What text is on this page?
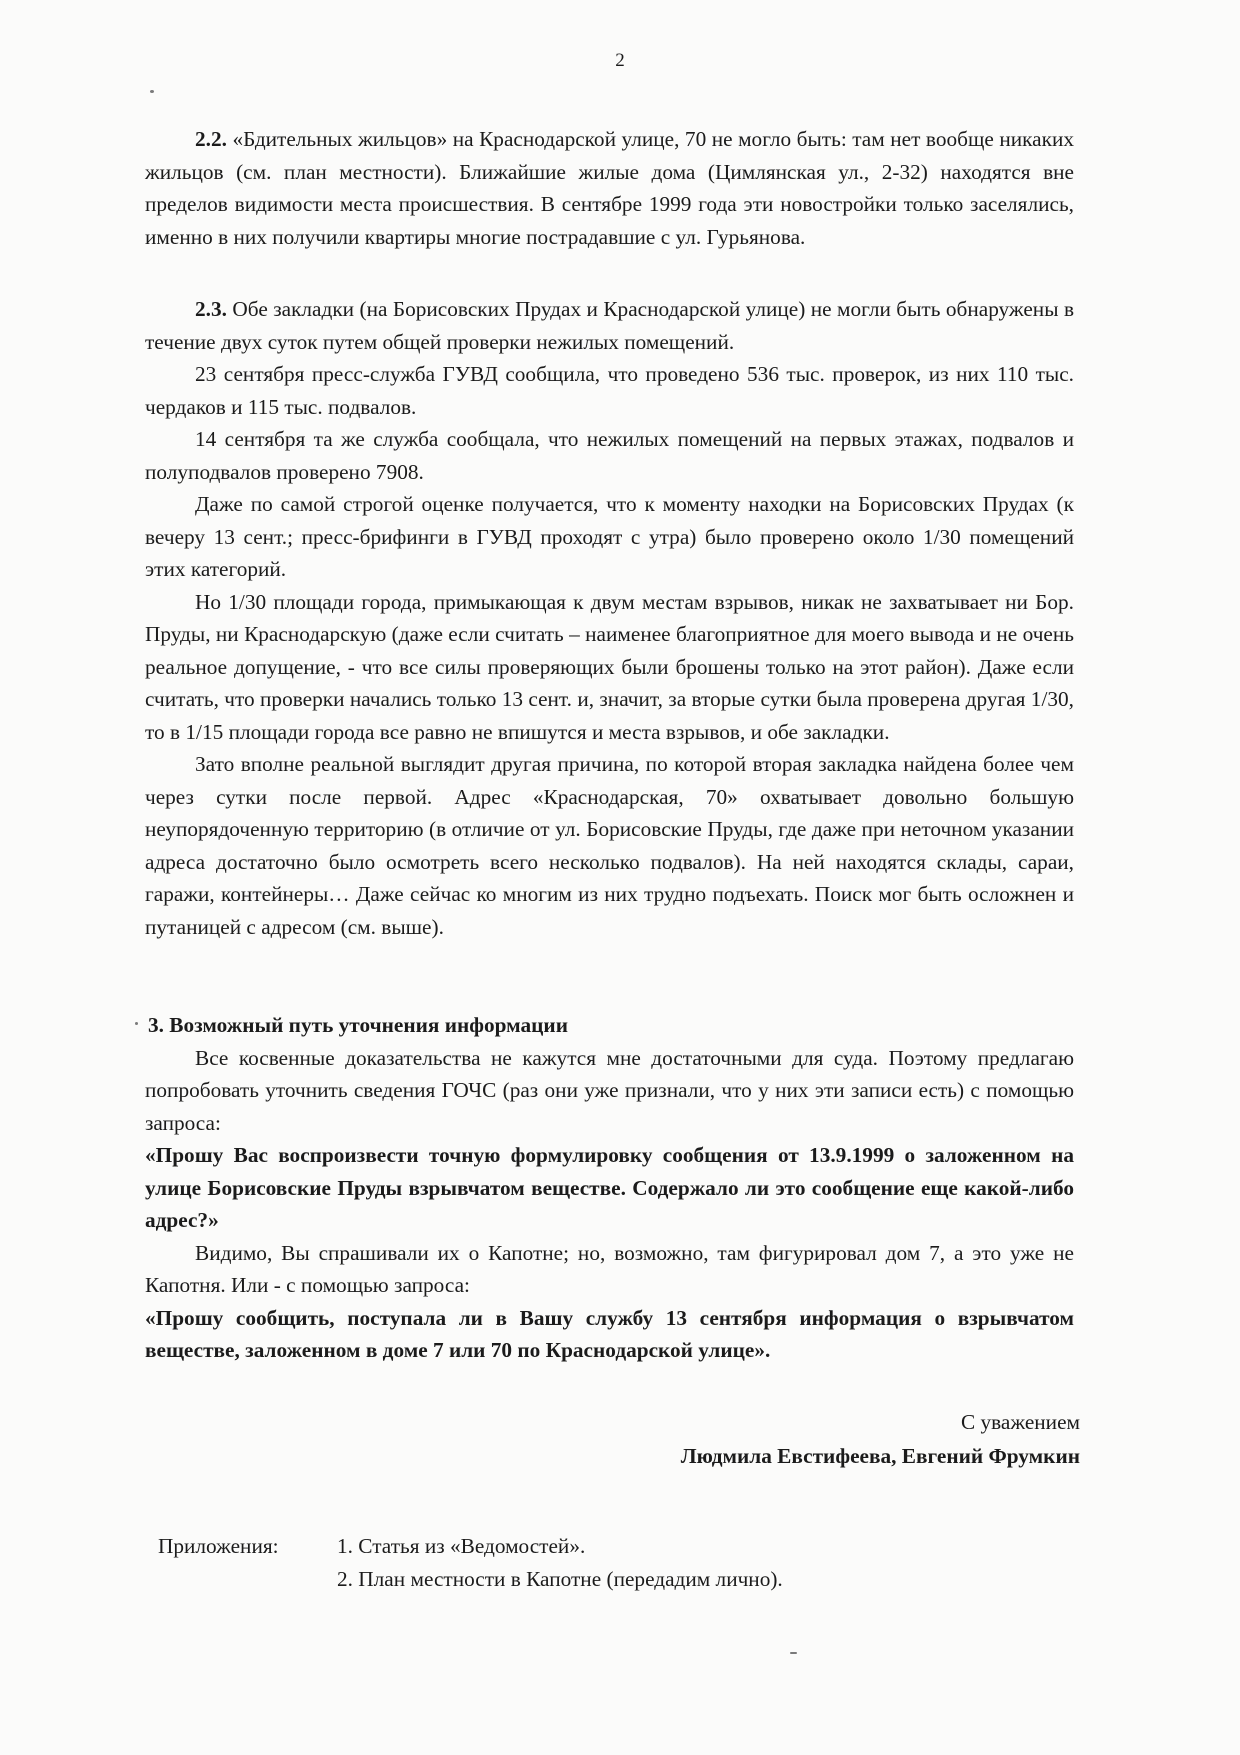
2

2.2. «Бдительных жильцов» на Краснодарской улице, 70 не могло быть: там нет вообще никаких жильцов (см. план местности). Ближайшие жилые дома (Цимлянская ул., 2-32) находятся вне пределов видимости места происшествия. В сентябре 1999 года эти новостройки только заселялись, именно в них получили квартиры многие пострадавшие с ул. Гурьянова.

2.3. Обе закладки (на Борисовских Прудах и Краснодарской улице) не могли быть обнаружены в течение двух суток путем общей проверки нежилых помещений.

23 сентября пресс-служба ГУВД сообщила, что проведено 536 тыс. проверок, из них 110 тыс. чердаков и 115 тыс. подвалов.

14 сентября та же служба сообщала, что нежилых помещений на первых этажах, подвалов и полуподвалов проверено 7908.

Даже по самой строгой оценке получается, что к моменту находки на Борисовских Прудах (к вечеру 13 сент.; пресс-брифинги в ГУВД проходят с утра) было проверено около 1/30 помещений этих категорий.

Но 1/30 площади города, примыкающая к двум местам взрывов, никак не захватывает ни Бор. Пруды, ни Краснодарскую (даже если считать – наименее благоприятное для моего вывода и не очень реальное допущение, - что все силы проверяющих были брошены только на этот район). Даже если считать, что проверки начались только 13 сент. и, значит, за вторые сутки была проверена другая 1/30, то в 1/15 площади города все равно не впишутся и места взрывов, и обе закладки.

Зато вполне реальной выглядит другая причина, по которой вторая закладка найдена более чем через сутки после первой. Адрес «Краснодарская, 70» охватывает довольно большую неупорядоченную территорию (в отличие от ул. Борисовские Пруды, где даже при неточном указании адреса достаточно было осмотреть всего несколько подвалов). На ней находятся склады, сараи, гаражи, контейнеры… Даже сейчас ко многим из них трудно подъехать. Поиск мог быть осложнен и путаницей с адресом (см. выше).

3. Возможный путь уточнения информации

Все косвенные доказательства не кажутся мне достаточными для суда. Поэтому предлагаю попробовать уточнить сведения ГОЧС (раз они уже признали, что у них эти записи есть) с помощью запроса:

«Прошу Вас воспроизвести точную формулировку сообщения от 13.9.1999 о заложенном на улице Борисовские Пруды взрывчатом веществе. Содержало ли это сообщение еще какой-либо адрес?»

Видимо, Вы спрашивали их о Капотне; но, возможно, там фигурировал дом 7, а это уже не Капотня. Или - с помощью запроса:

«Прошу сообщить, поступала ли в Вашу службу 13 сентября информация о взрывчатом веществе, заложенном в доме 7 или 70 по Краснодарской улице».

С уважением
Людмила Евстифеева, Евгений Фрумкин
Приложения:	1. Статья из «Ведомостей».
2. План местности в Капотне (передадим лично).
